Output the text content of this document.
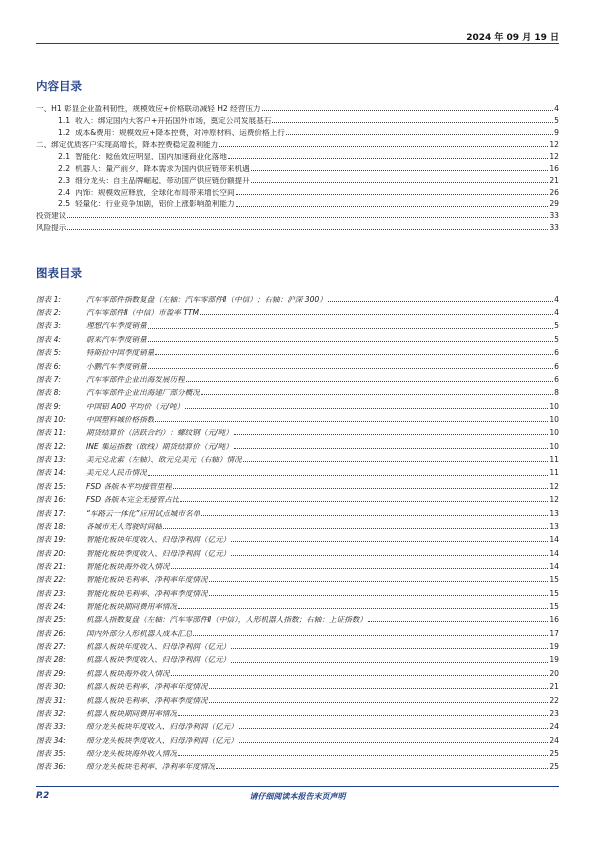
2024 年 09 月 19 日
内容目录
一、H1 彰显企业盈利韧性，规模效应+价格联动减轻 H2 经营压力	4
1.1 收入：绑定国内大客户+开拓国外市场，奠定公司发展基石	5
1.2 成本&费用：规模效应+降本控费，对冲原材料、运费价格上行	9
二、绑定优质客户实现高增长，降本控费稳定盈利能力	12
2.1 智能化：鲶鱼效应明显，国内加速商业化落地	12
2.2 机器人：量产前夕，降本需求为国内供应链带来机遇	16
2.3 细分龙头：自主品牌崛起，带动国产供应链份额提升	21
2.4 内饰：规模效应释放，全球化布局带来增长空间	26
2.5 轻量化：行业竞争加剧，铝价上涨影响盈利能力	29
投资建议	33
风险提示	33
图表目录
图表 1:	汽车零部件指数复盘（左轴：汽车零部件Ⅱ（中信）；右轴：沪深 300）	4
图表 2:	汽车零部件Ⅱ（中信）市盈率 TTM	4
图表 3:	理想汽车季度销量	5
图表 4:	蔚来汽车季度销量	5
图表 5:	特斯拉中国季度销量	6
图表 6:	小鹏汽车季度销量	6
图表 7:	汽车零部件企业出海发展历程	6
图表 8:	汽车零部件企业出海建厂部分概况	8
图表 9:	中国铝 A00 平均价（元/吨）	10
图表 10:	中国塑料城价格指数	10
图表 11:	期货结算价（活跃合约）：螺纹钢（元/吨）	10
图表 12:	INE 集运指数（欧线）期货结算价（元/吨）	10
图表 13:	美元兑北索（左轴）、欧元兑美元（右轴）情况	11
图表 14:	美元兑人民币情况	11
图表 15:	FSD 各版本平均接管里程	12
图表 16:	FSD 各版本完全无接管占比	12
图表 17:	“车路云一体化”应用试点城市名单	13
图表 18:	各城市无人驾驶时间轴	13
图表 19:	智能化板块年度收入、归母净利润（亿元）	14
图表 20:	智能化板块季度收入、归母净利润（亿元）	14
图表 21:	智能化板块海外收入情况	14
图表 22:	智能化板块毛利率、净利率年度情况	15
图表 23:	智能化板块毛利率、净利率季度情况	15
图表 24:	智能化板块期间费用率情况	15
图表 25:	机器人指数复盘（左轴：汽车零部件Ⅱ（中信），人形机器人指数；右轴：上证指数）	16
图表 26:	国内外部分人形机器人成本汇总	17
图表 27:	机器人板块年度收入、归母净利润（亿元）	19
图表 28:	机器人板块季度收入、归母净利润（亿元）	19
图表 29:	机器人板块海外收入情况	20
图表 30:	机器人板块毛利率、净利率年度情况	21
图表 31:	机器人板块毛利率、净利率季度情况	22
图表 32:	机器人板块期间费用率情况	23
图表 33:	细分龙头板块年度收入、归母净利润（亿元）	24
图表 34:	细分龙头板块季度收入、归母净利润（亿元）	24
图表 35:	细分龙头板块海外收入情况	25
图表 36:	细分龙头板块毛利率、净利率年度情况	25
P.2	请仔细阅读本报告末页声明
